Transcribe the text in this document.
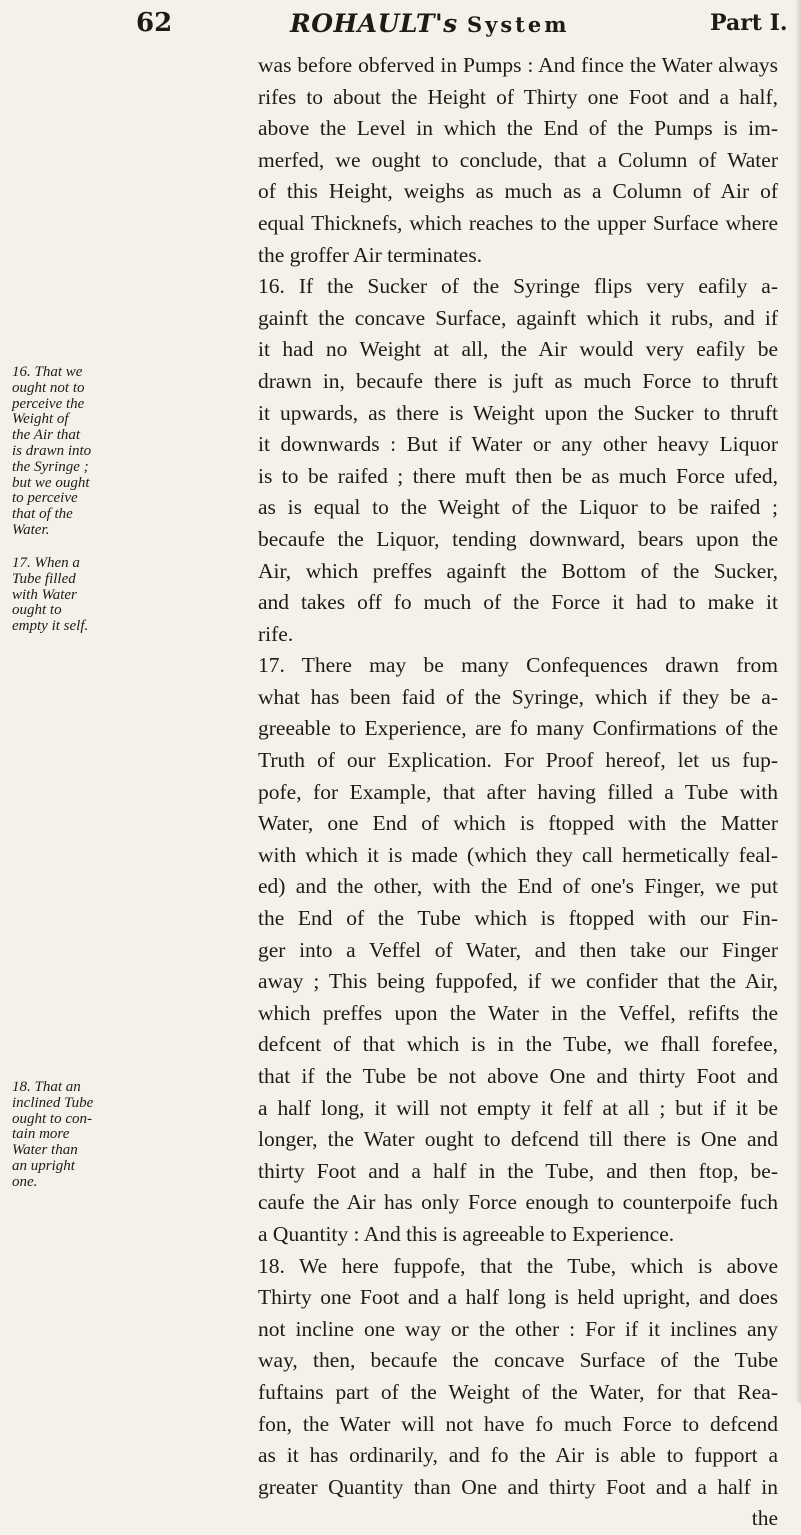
62	ROHAULT's System	Part I.
16. That we
ought not to
perceive the
Weight of
the Air that
is drawn into
the Syringe ;
but we ought
to perceive
that of the
Water.
17. When a
Tube filled
with Water
ought to
empty it self.
18. That an
inclined Tube
ought to con-
tain more
Water than
an upright
one.
was before obferved in Pumps : And fince the Water always
rifes to about the Height of Thirty one Foot and a half,
above the Level in which the End of the Pumps is im-
merfed, we ought to conclude, that a Column of Water
of this Height, weighs as much as a Column of Air of
equal Thicknefs, which reaches to the upper Surface where
the groffer Air terminates.
16. If the Sucker of the Syringe flips very eafily a-
gainft the concave Surface, againft which it rubs, and if
it had no Weight at all, the Air would very eafily be
drawn in, becaufe there is juft as much Force to thruft
it upwards, as there is Weight upon the Sucker to thruft
it downwards : But if Water or any other heavy Liquor
is to be raifed ; there muft then be as much Force ufed,
as is equal to the Weight of the Liquor to be raifed ;
becaufe the Liquor, tending downward, bears upon the
Air, which preffes againft the Bottom of the Sucker,
and takes off fo much of the Force it had to make it
rife.
17. There may be many Confequences drawn from
what has been faid of the Syringe, which if they be a-
greeable to Experience, are fo many Confirmations of the
Truth of our Explication. For Proof hereof, let us fup-
pofe, for Example, that after having filled a Tube with
Water, one End of which is ftopped with the Matter
with which it is made (which they call hermetically feal-
ed) and the other, with the End of one's Finger, we put
the End of the Tube which is ftopped with our Fin-
ger into a Veffel of Water, and then take our Finger
away ; This being fuppofed, if we confider that the Air,
which preffes upon the Water in the Veffel, refifts the
defcent of that which is in the Tube, we fhall forefee,
that if the Tube be not above One and thirty Foot and
a half long, it will not empty it felf at all ; but if it be
longer, the Water ought to defcend till there is One and
thirty Foot and a half in the Tube, and then ftop, be-
caufe the Air has only Force enough to counterpoife fuch
a Quantity : And this is agreeable to Experience.
18. We here fuppofe, that the Tube, which is above
Thirty one Foot and a half long is held upright, and does
not incline one way or the other : For if it inclines any
way, then, becaufe the concave Surface of the Tube
fuftains part of the Weight of the Water, for that Rea-
fon, the Water will not have fo much Force to defcend
as it has ordinarily, and fo the Air is able to fupport a
greater Quantity than One and thirty Foot and a half in
the
